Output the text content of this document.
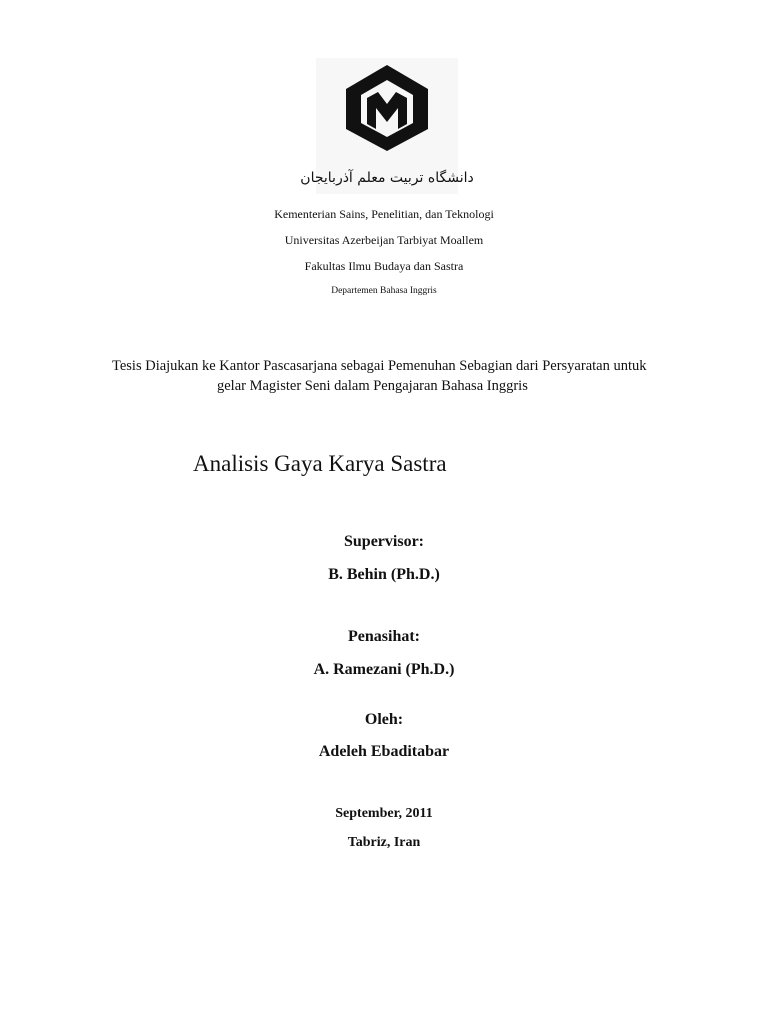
دانشگاه تربیت معلم آذربایجان
Kementerian Sains, Penelitian, dan Teknologi
Universitas Azerbeijan Tarbiyat Moallem
Fakultas Ilmu Budaya dan Sastra
Departemen Bahasa Inggris
Tesis Diajukan ke Kantor Pascasarjana sebagai Pemenuhan Sebagian dari Persyaratan untuk
gelar Magister Seni dalam Pengajaran Bahasa Inggris
Analisis Gaya Karya Sastra
Supervisor:
B. Behin (Ph.D.)
Penasihat:
A. Ramezani (Ph.D.)
Oleh:
Adeleh Ebaditabar
September, 2011
Tabriz, Iran
